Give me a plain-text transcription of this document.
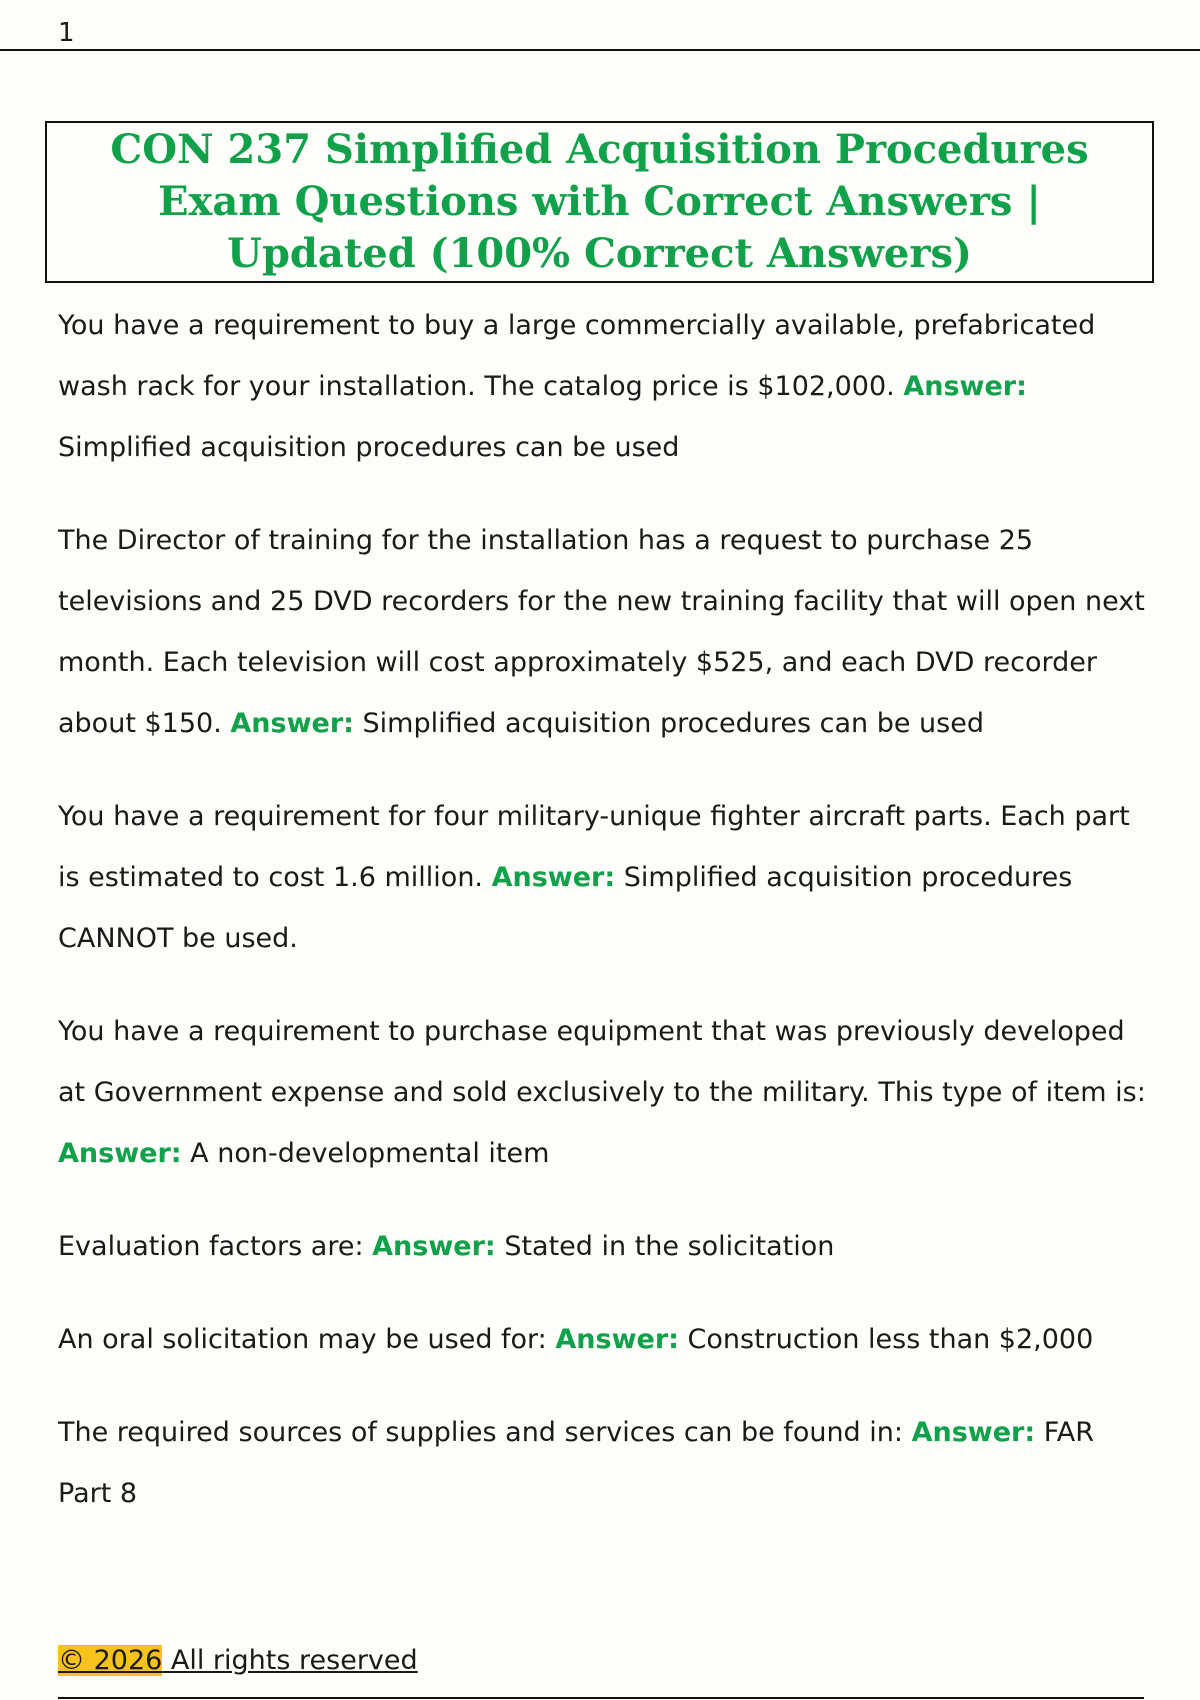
1
CON 237 Simplified Acquisition Procedures Exam Questions with Correct Answers | Updated (100% Correct Answers)

You have a requirement to buy a large commercially available, prefabricated wash rack for your installation. The catalog price is $102,000. Answer: Simplified acquisition procedures can be used

The Director of training for the installation has a request to purchase 25 televisions and 25 DVD recorders for the new training facility that will open next month. Each television will cost approximately $525, and each DVD recorder about $150. Answer: Simplified acquisition procedures can be used

You have a requirement for four military-unique fighter aircraft parts. Each part is estimated to cost 1.6 million. Answer: Simplified acquisition procedures CANNOT be used.

You have a requirement to purchase equipment that was previously developed at Government expense and sold exclusively to the military. This type of item is: Answer: A non-developmental item

Evaluation factors are: Answer: Stated in the solicitation

An oral solicitation may be used for: Answer: Construction less than $2,000

The required sources of supplies and services can be found in: Answer: FAR Part 8

© 2026 All rights reserved
